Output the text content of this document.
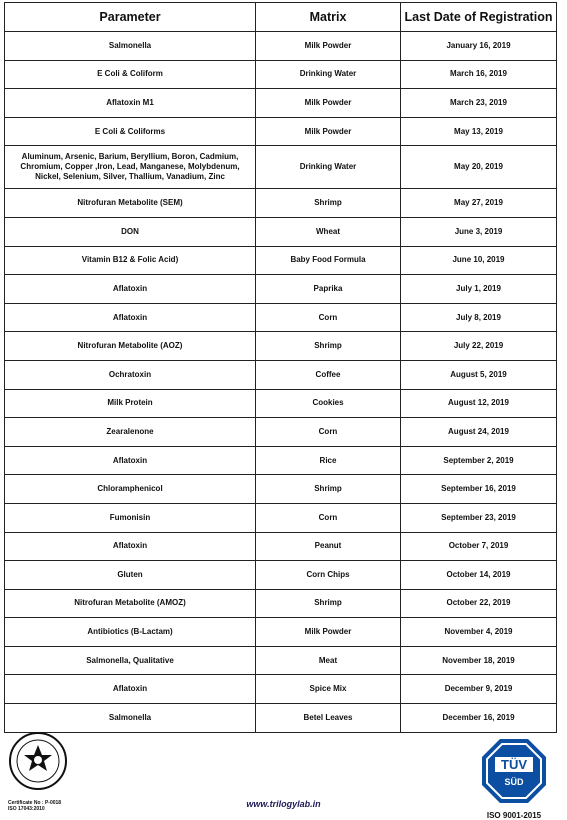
Parameter	Matrix	Last Date of Registration
Salmonella	Milk Powder	January 16, 2019
E Coli & Coliform	Drinking Water	March 16, 2019
Aflatoxin M1	Milk Powder	March 23, 2019
E Coli & Coliforms	Milk Powder	May 13, 2019
Aluminum, Arsenic, Barium, Beryllium, Boron, Cadmium, Chromium, Copper ,Iron, Lead, Manganese, Molybdenum, Nickel, Selenium, Silver, Thallium, Vanadium, Zinc	Drinking Water	May 20, 2019
Nitrofuran Metabolite (SEM)	Shrimp	May 27, 2019
DON	Wheat	June 3, 2019
Vitamin B12 & Folic Acid)	Baby Food Formula	June 10, 2019
Aflatoxin	Paprika	July 1, 2019
Aflatoxin	Corn	July 8, 2019
Nitrofuran Metabolite (AOZ)	Shrimp	July 22, 2019
Ochratoxin	Coffee	August 5, 2019
Milk Protein	Cookies	August 12, 2019
Zearalenone	Corn	August 24, 2019
Aflatoxin	Rice	September 2, 2019
Chloramphenicol	Shrimp	September 16, 2019
Fumonisin	Corn	September 23, 2019
Aflatoxin	Peanut	October 7, 2019
Gluten	Corn Chips	October 14, 2019
Nitrofuran Metabolite (AMOZ)	Shrimp	October 22, 2019
Antibiotics (B-Lactam)	Milk Powder	November 4, 2019
Salmonella, Qualitative	Meat	November 18, 2019
Aflatoxin	Spice Mix	December 9, 2019
Salmonella	Betel Leaves	December 16, 2019
Certificate No : P-0018
ISO 17043:2010	www.trilogylab.in
TÜV
SÜD
ISO 9001-2015
